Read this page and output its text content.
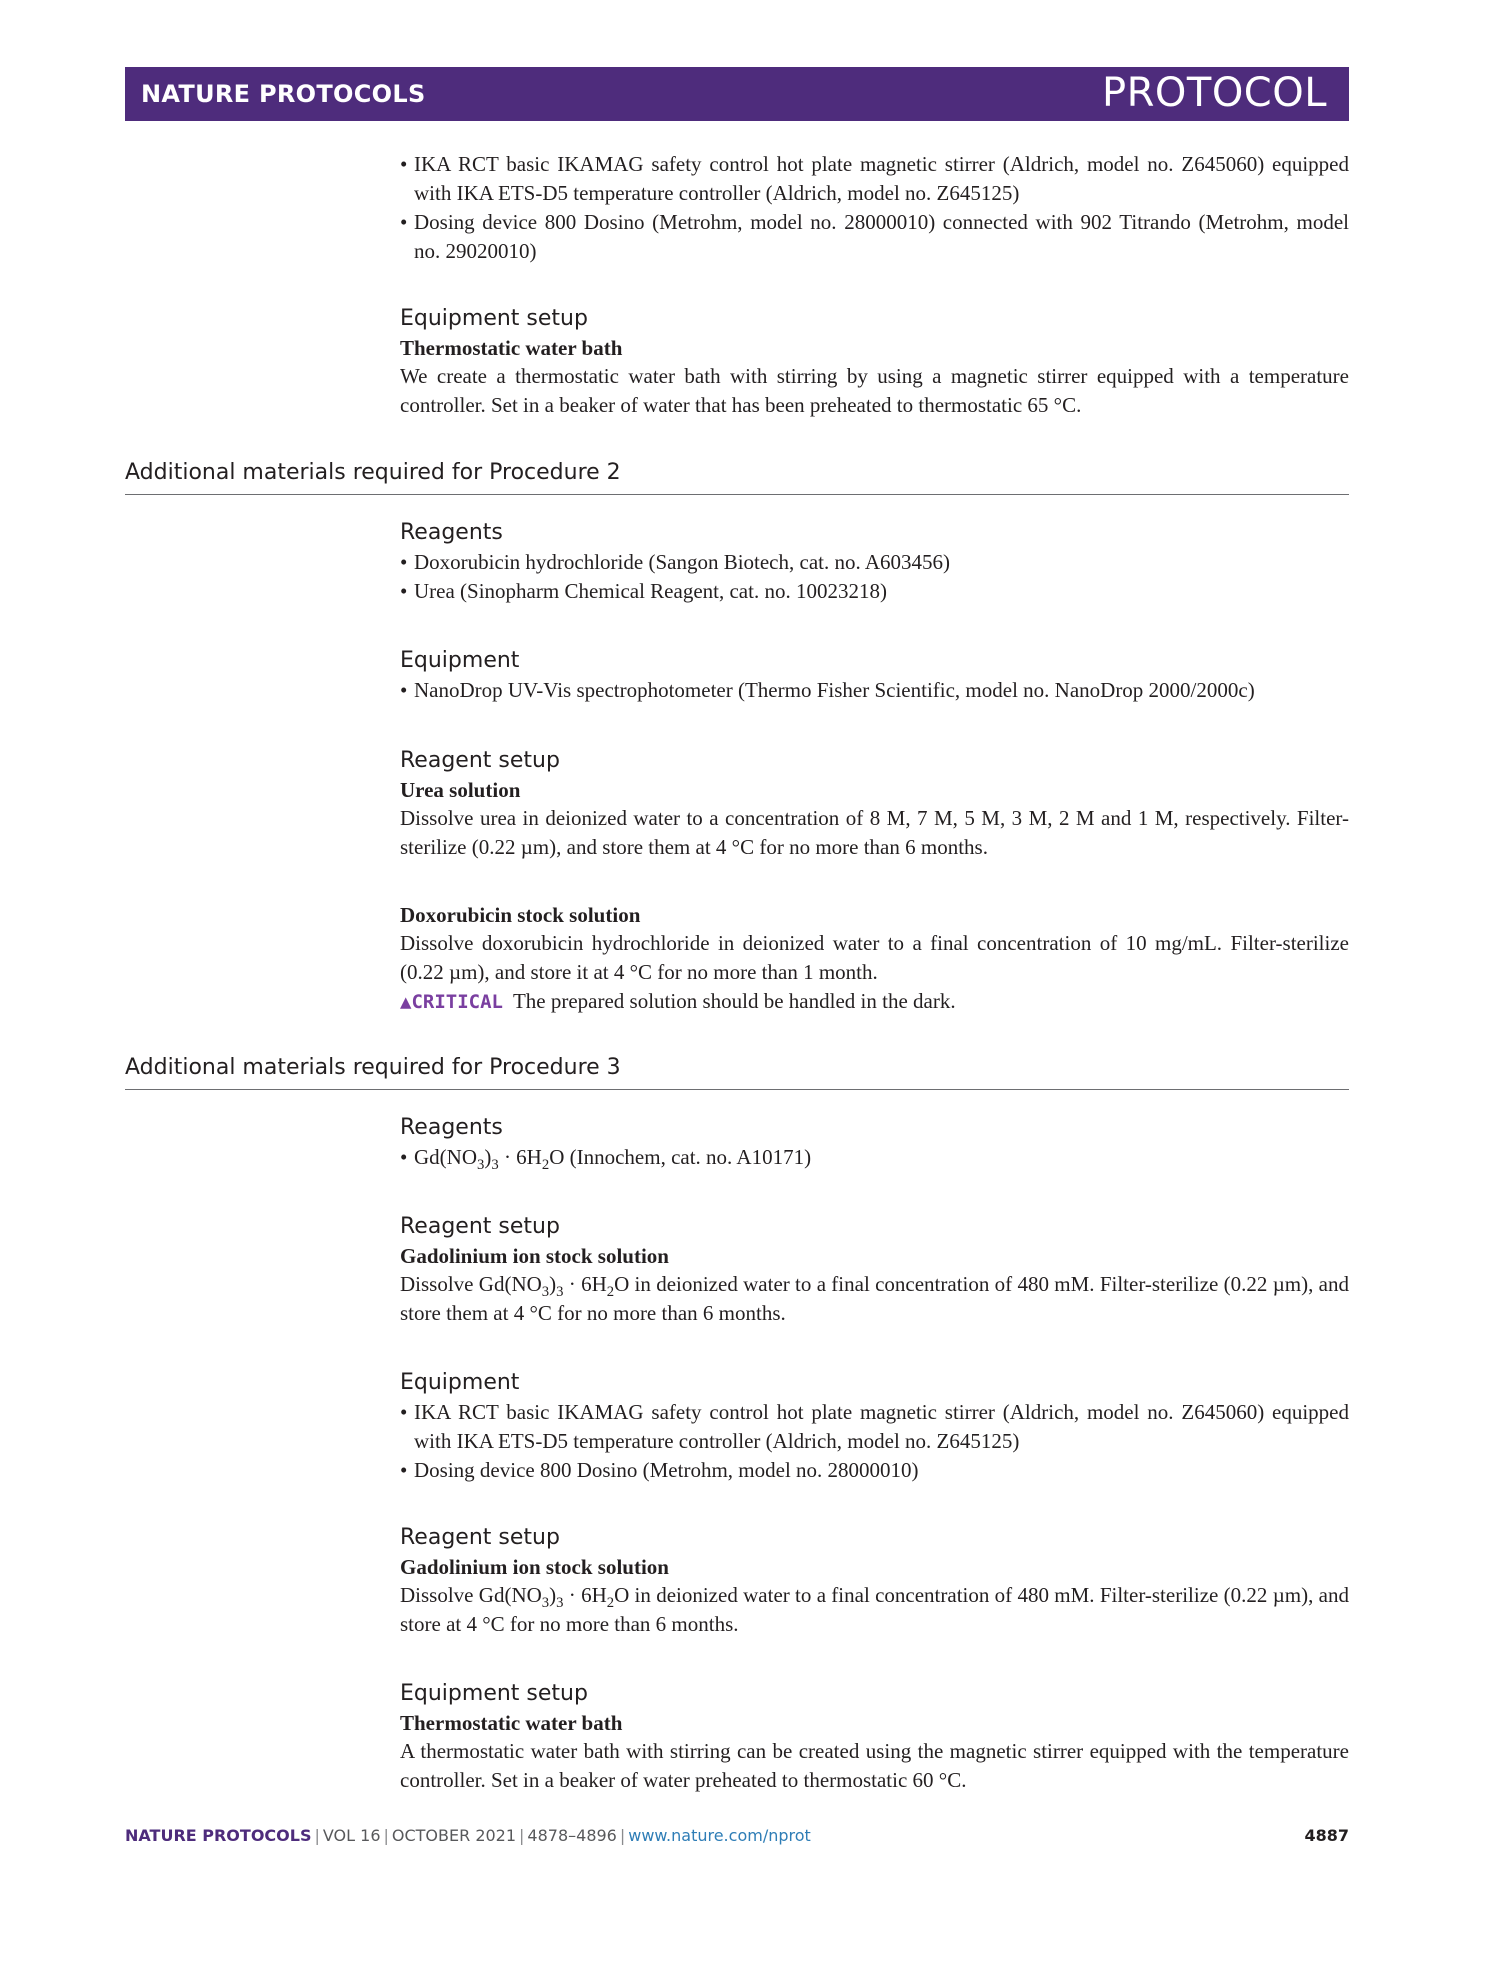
NATURE PROTOCOLS	PROTOCOL
• IKA RCT basic IKAMAG safety control hot plate magnetic stirrer (Aldrich, model no. Z645060) equipped with IKA ETS-D5 temperature controller (Aldrich, model no. Z645125)
• Dosing device 800 Dosino (Metrohm, model no. 28000010) connected with 902 Titrando (Metrohm, model no. 29020010)
Equipment setup
Thermostatic water bath
We create a thermostatic water bath with stirring by using a magnetic stirrer equipped with a temperature controller. Set in a beaker of water that has been preheated to thermostatic 65 °C.
Additional materials required for Procedure 2
Reagents
• Doxorubicin hydrochloride (Sangon Biotech, cat. no. A603456)
• Urea (Sinopharm Chemical Reagent, cat. no. 10023218)
Equipment
• NanoDrop UV-Vis spectrophotometer (Thermo Fisher Scientific, model no. NanoDrop 2000/2000c)
Reagent setup
Urea solution
Dissolve urea in deionized water to a concentration of 8 M, 7 M, 5 M, 3 M, 2 M and 1 M, respectively. Filter-sterilize (0.22 µm), and store them at 4 °C for no more than 6 months.
Doxorubicin stock solution
Dissolve doxorubicin hydrochloride in deionized water to a final concentration of 10 mg/mL. Filter-sterilize (0.22 µm), and store it at 4 °C for no more than 1 month.
▲CRITICAL The prepared solution should be handled in the dark.
Additional materials required for Procedure 3
Reagents
• $Gd(NO_3)_3 \cdot 6H_2O$ (Innochem, cat. no. A10171)
Reagent setup
Gadolinium ion stock solution
Dissolve $Gd(NO_3)_3 \cdot 6H_2O$ in deionized water to a final concentration of 480 mM. Filter-sterilize (0.22 µm), and store them at 4 °C for no more than 6 months.
Equipment
• IKA RCT basic IKAMAG safety control hot plate magnetic stirrer (Aldrich, model no. Z645060) equipped with IKA ETS-D5 temperature controller (Aldrich, model no. Z645125)
• Dosing device 800 Dosino (Metrohm, model no. 28000010)
Reagent setup
Gadolinium ion stock solution
Dissolve $Gd(NO_3)_3 \cdot 6H_2O$ in deionized water to a final concentration of 480 mM. Filter-sterilize (0.22 µm), and store at 4 °C for no more than 6 months.
Equipment setup
Thermostatic water bath
A thermostatic water bath with stirring can be created using the magnetic stirrer equipped with the temperature controller. Set in a beaker of water preheated to thermostatic 60 °C.
NATURE PROTOCOLS | VOL 16 | OCTOBER 2021 | 4878–4896 | www.nature.com/nprot	4887
